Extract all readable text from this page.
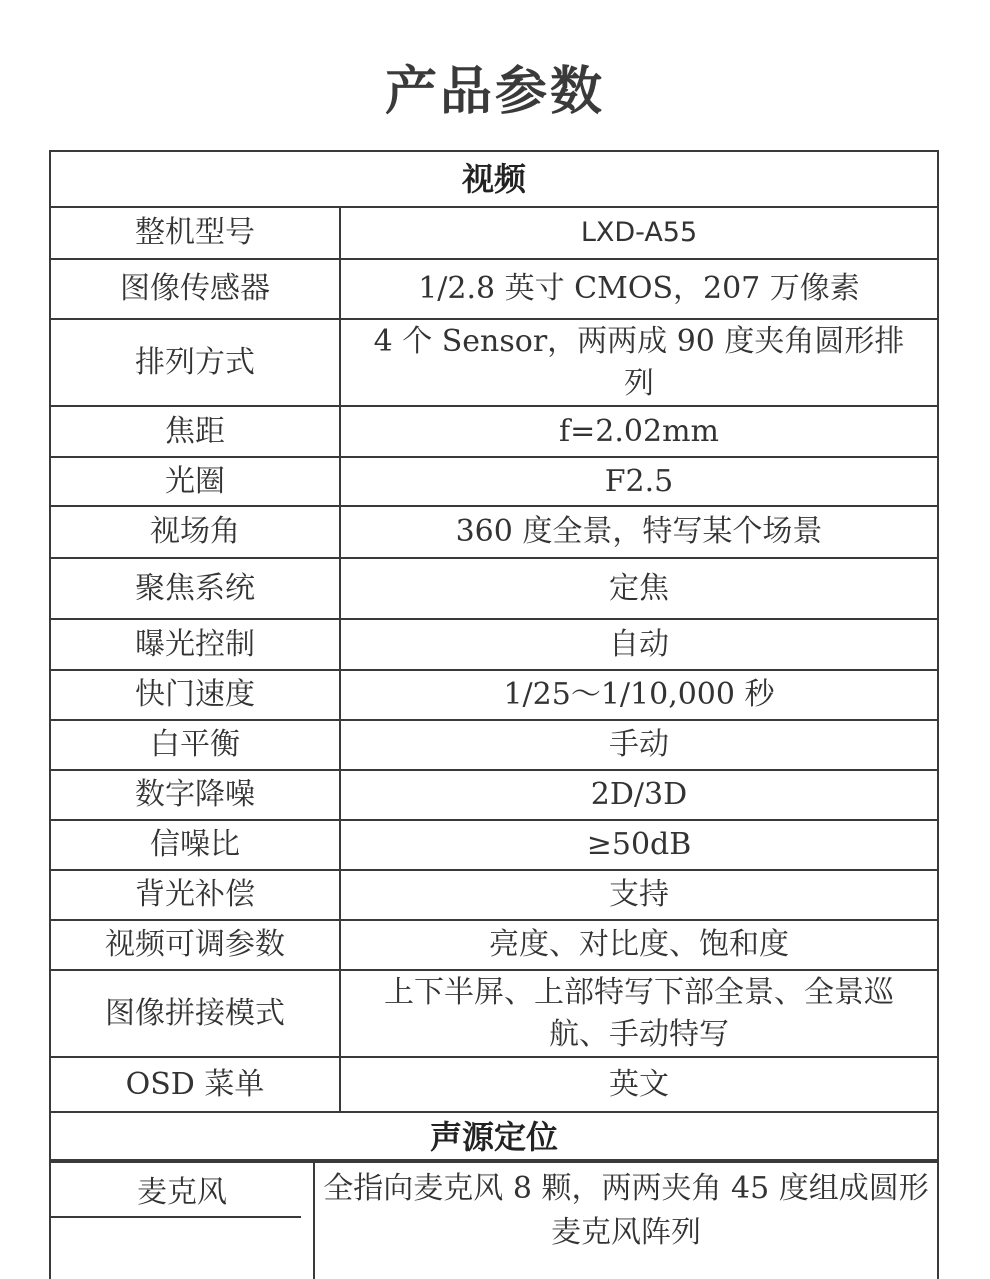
产品参数
视频	
整机型号	LXD-A55
图像传感器	1/2.8 英寸 CMOS，207 万像素
排列方式	4 个 Sensor，两两成 90 度夹角圆形排列
焦距	f=2.02mm
光圈	F2.5
视场角	360 度全景，特写某个场景
聚焦系统	定焦
曝光控制	自动
快门速度	1/25～1/10,000 秒
白平衡	手动
数字降噪	2D/3D
信噪比	≥50dB
背光补偿	支持
视频可调参数	亮度、对比度、饱和度
图像拼接模式	上下半屏、上部特写下部全景、全景巡航、手动特写
OSD 菜单	英文
声源定位	
麦克风	全指向麦克风 8 颗，两两夹角 45 度组成圆形麦克风阵列
